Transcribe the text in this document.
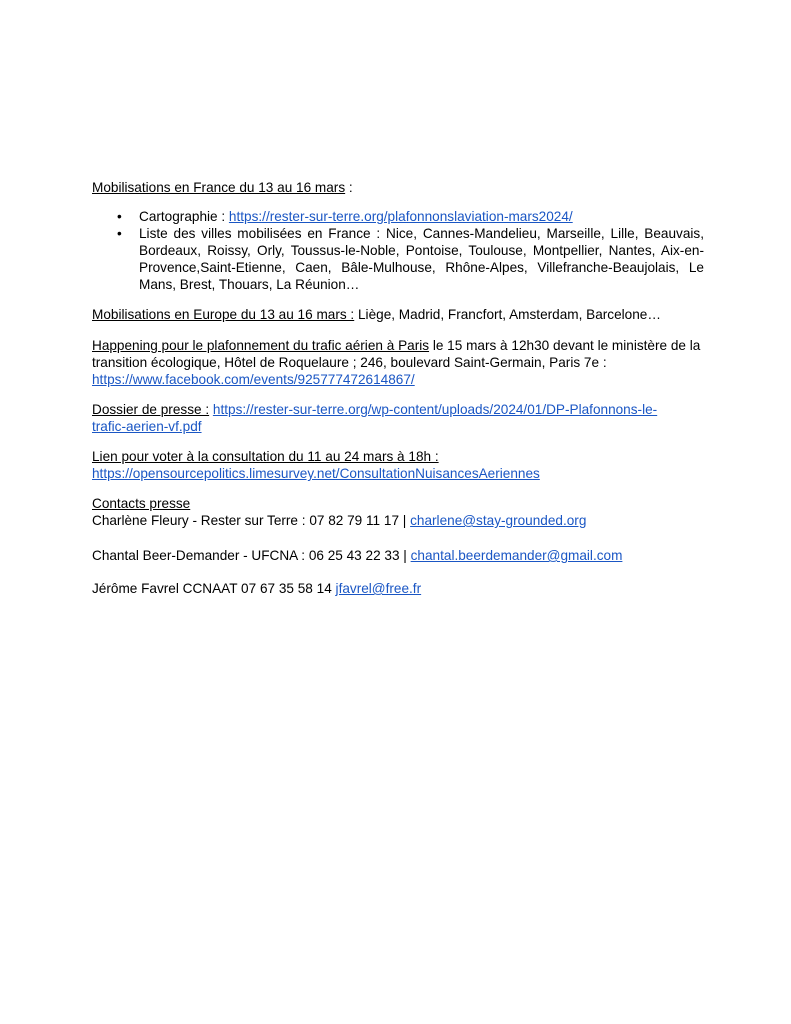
Mobilisations en France du 13 au 16 mars :

• Cartographie : https://rester-sur-terre.org/plafonnonslaviation-mars2024/
• Liste des villes mobilisées en France : Nice, Cannes-Mandelieu, Marseille, Lille, Beauvais, Bordeaux, Roissy, Orly, Toussus-le-Noble, Pontoise, Toulouse, Montpellier, Nantes, Aix-en-Provence,Saint-Etienne, Caen, Bâle-Mulhouse, Rhône-Alpes, Villefranche-Beaujolais, Le Mans, Brest, Thouars, La Réunion…

Mobilisations en Europe du 13 au 16 mars : Liège, Madrid, Francfort, Amsterdam, Barcelone…

Happening pour le plafonnement du trafic aérien à Paris le 15 mars à 12h30 devant le ministère de la transition écologique, Hôtel de Roquelaure ; 246, boulevard Saint-Germain, Paris 7e :
https://www.facebook.com/events/925777472614867/

Dossier de presse : https://rester-sur-terre.org/wp-content/uploads/2024/01/DP-Plafonnons-le-
trafic-aerien-vf.pdf

Lien pour voter à la consultation du 11 au 24 mars à 18h :
https://opensourcepolitics.limesurvey.net/ConsultationNuisancesAeriennes

Contacts presse

Charlène Fleury - Rester sur Terre : 07 82 79 11 17 | charlene@stay-grounded.org

Chantal Beer-Demander - UFCNA : 06 25 43 22 33 | chantal.beerdemander@gmail.com

Jérôme Favrel CCNAAT 07 67 35 58 14 jfavrel@free.fr
